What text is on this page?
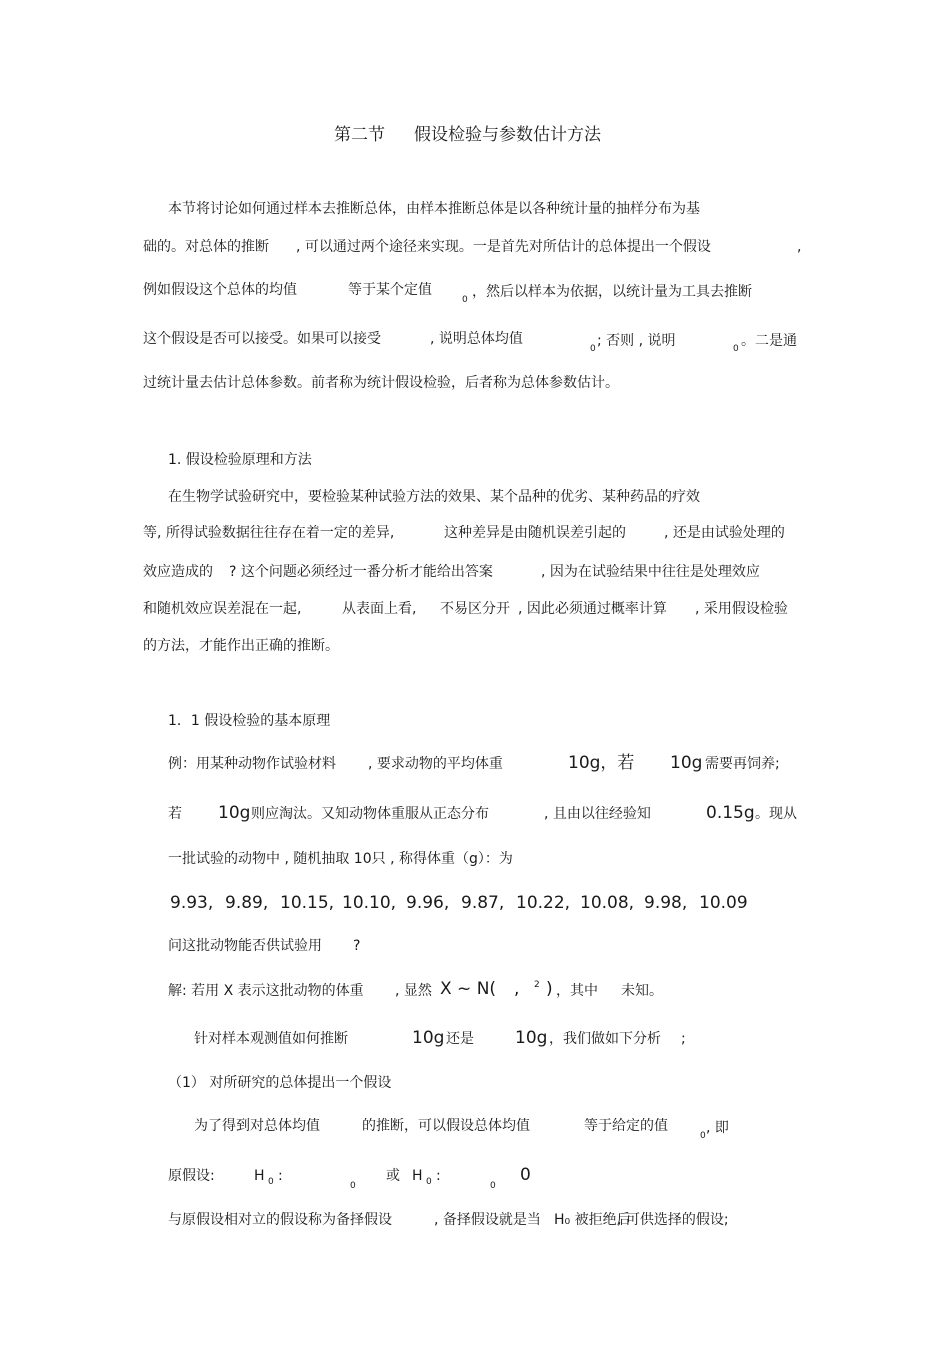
第二节 假设检验与参数估计方法
本节将讨论如何通过样本去推断总体，由样本推断总体是以各种统计量的抽样分布为基
础的。对总体的推断 , 可以通过两个途径来实现。一是首先对所估计的总体提出一个假设	,
例如假设这个总体的均值	等于某个定值
0 ，然后以样本为依据，以统计量为工具去推断
这个假设是否可以接受。如果可以接受	, 说明总体均值
0 ; 否则 , 说明	0 。二是通
过统计量去估计总体参数。前者称为统计假设检验，后者称为总体参数估计。
1. 假设检验原理和方法
在生物学试验研究中，要检验某种试验方法的效果、某个品种的优劣、某种药品的疗效
等, 所得试验数据往往存在着一定的差异,	这种差异是由随机误差引起的	, 还是由试验处理的
效应造成的 ? 这个问题必须经过一番分析才能给出答案	, 因为在试验结果中往往是处理效应
和随机效应误差混在一起,	从表面上看, 不易区分开 , 因此必须通过概率计算 , 采用假设检验
的方法，才能作出正确的推断。
1．1 假设检验的基本原理
例：用某种动物作试验材料 , 要求动物的平均体重	10g，若 10g 需要再饲养;
若 10g 则应淘汰。又知动物体重服从正态分布	, 且由以往经验知	0.15g 。现从
一批试验的动物中 , 随机抽取 10只 , 称得体重（g）：为
9.93, 9.89, 10.15, 10.10, 9.96, 9.87, 10.22, 10.08, 9.98, 10.09
问这批动物能否供试验用 ?
解: 若用 X 表示这批动物的体重 , 显然 X ~ N( , 2 ) ，其中 未知。
针对样本观测值如何推断	10g 还是 10g ，我们做如下分析 ;
（1） 对所研究的总体提出一个假设
为了得到对总体均值	的推断，可以假设总体均值	等于给定的值
0 , 即
原假设:	H 0 :
0
或 H 0 :
0
0
与原假设相对立的假设称为备择假设	, 备择假设就是当 H₀ 被拒绝后
, 可供选择的假设;
